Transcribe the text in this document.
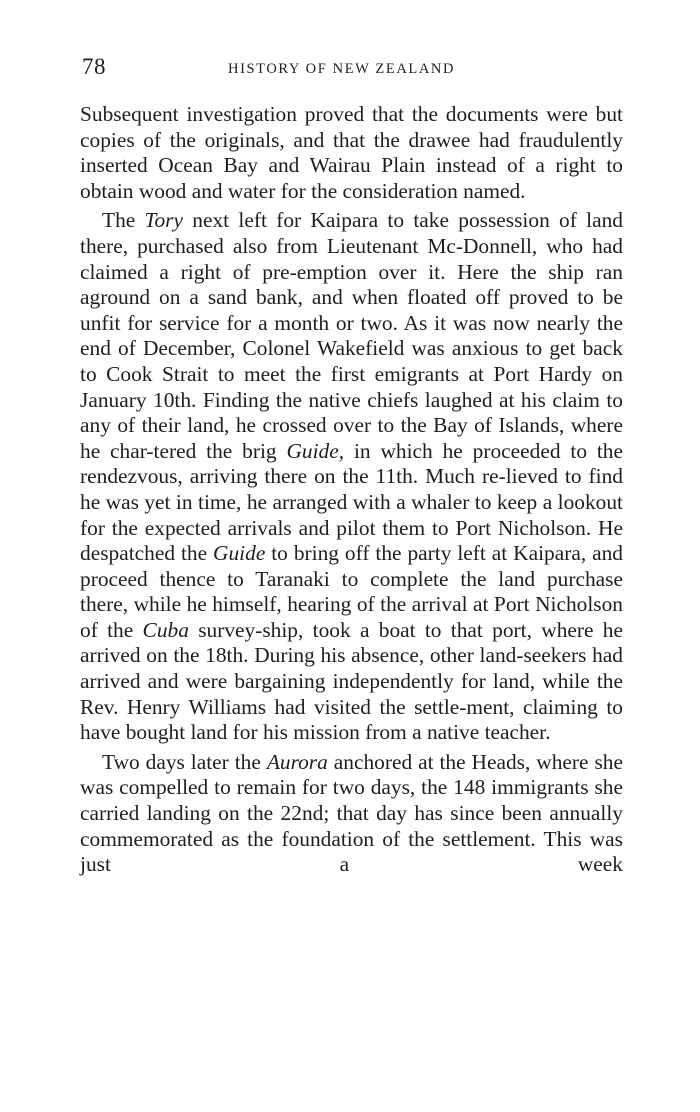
78	HISTORY OF NEW ZEALAND

Subsequent investigation proved that the documents were but copies of the originals, and that the drawee had fraudulently inserted Ocean Bay and Wairau Plain instead of a right to obtain wood and water for the consideration named.

The Tory next left for Kaipara to take possession of land there, purchased also from Lieutenant Mc-Donnell, who had claimed a right of pre-emption over it. Here the ship ran aground on a sand bank, and when floated off proved to be unfit for service for a month or two. As it was now nearly the end of December, Colonel Wakefield was anxious to get back to Cook Strait to meet the first emigrants at Port Hardy on January 10th. Finding the native chiefs laughed at his claim to any of their land, he crossed over to the Bay of Islands, where he char-tered the brig Guide, in which he proceeded to the rendezvous, arriving there on the 11th. Much re-lieved to find he was yet in time, he arranged with a whaler to keep a lookout for the expected arrivals and pilot them to Port Nicholson. He despatched the Guide to bring off the party left at Kaipara, and proceed thence to Taranaki to complete the land purchase there, while he himself, hearing of the arrival at Port Nicholson of the Cuba survey-ship, took a boat to that port, where he arrived on the 18th. During his absence, other land-seekers had arrived and were bargaining independently for land, while the Rev. Henry Williams had visited the settle-ment, claiming to have bought land for his mission from a native teacher.

Two days later the Aurora anchored at the Heads, where she was compelled to remain for two days, the 148 immigrants she carried landing on the 22nd; that day has since been annually commemorated as the foundation of the settlement. This was just a week
